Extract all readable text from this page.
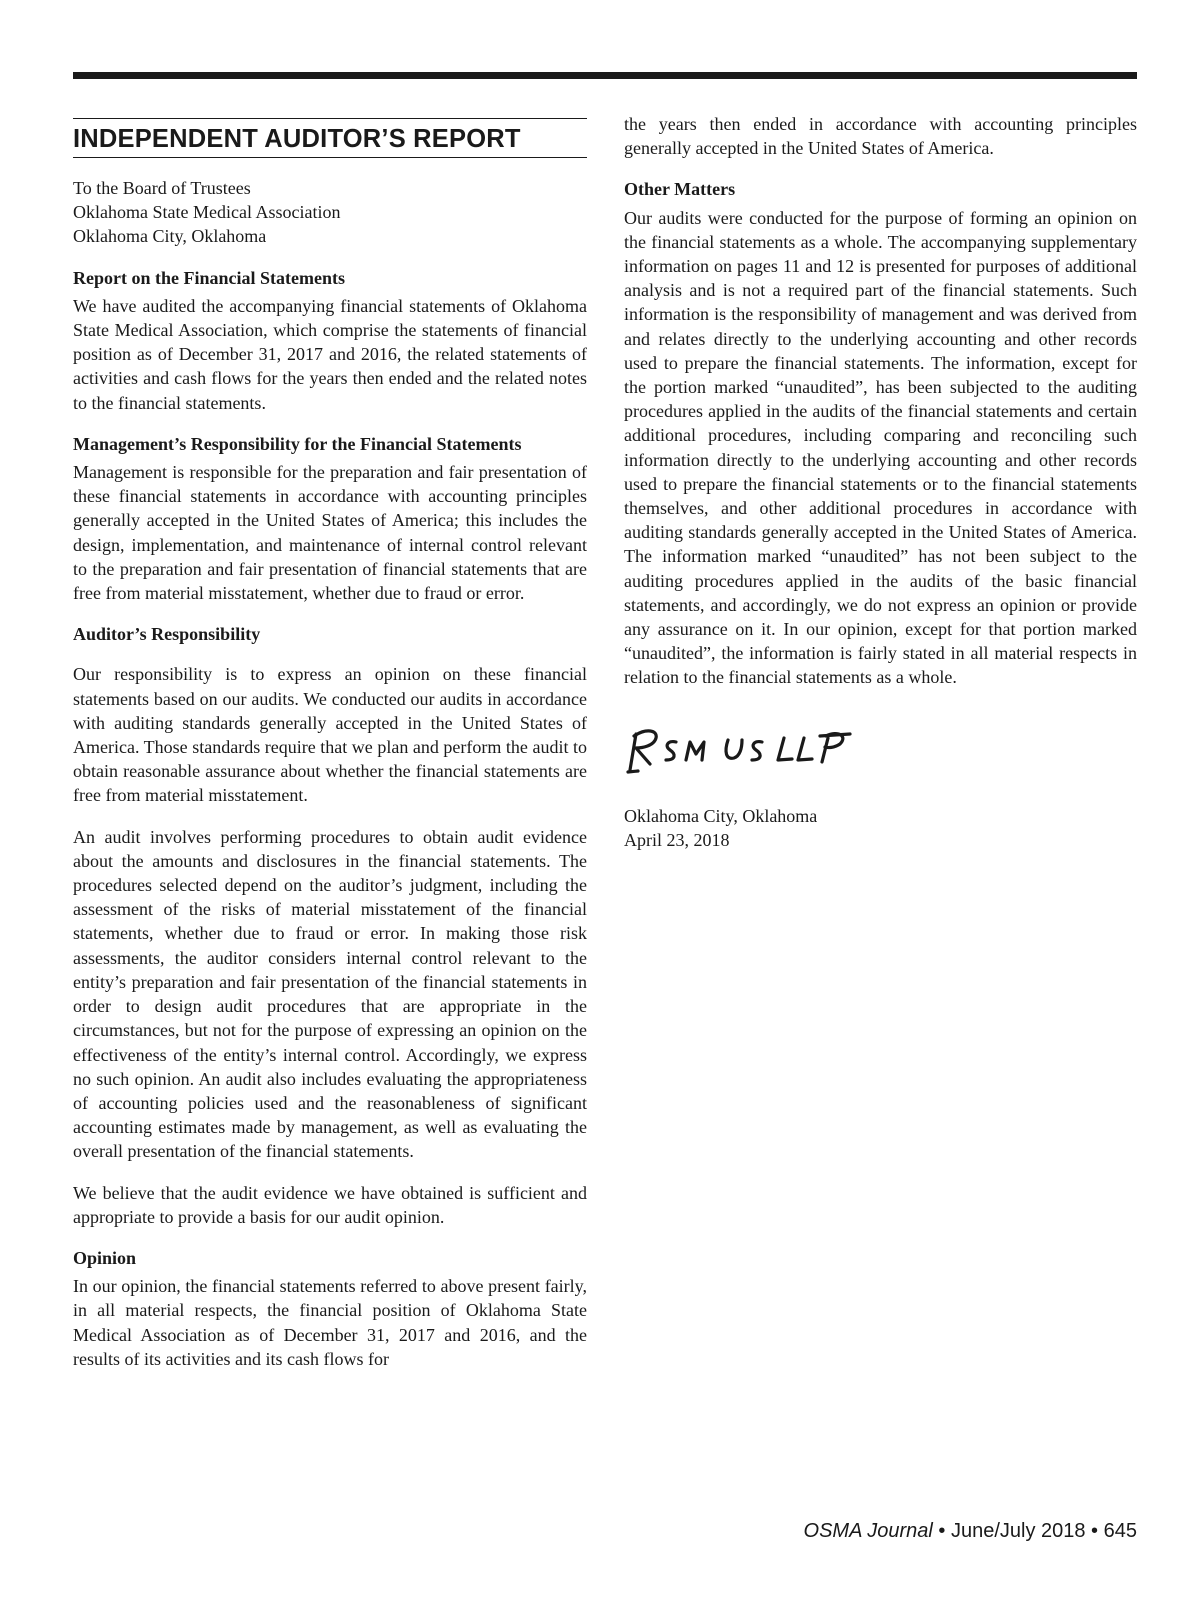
INDEPENDENT AUDITOR’S REPORT

To the Board of Trustees
Oklahoma State Medical Association
Oklahoma City, Oklahoma

Report on the Financial Statements

We have audited the accompanying financial statements of Oklahoma State Medical Association, which comprise the statements of financial position as of December 31, 2017 and 2016, the related statements of activities and cash flows for the years then ended and the related notes to the financial statements.

Management’s Responsibility for the Financial Statements

Management is responsible for the preparation and fair presentation of these financial statements in accordance with accounting principles generally accepted in the United States of America; this includes the design, implementation, and maintenance of internal control relevant to the preparation and fair presentation of financial statements that are free from material misstatement, whether due to fraud or error.

Auditor’s Responsibility

Our responsibility is to express an opinion on these financial statements based on our audits. We conducted our audits in accordance with auditing standards generally accepted in the United States of America. Those standards require that we plan and perform the audit to obtain reasonable assurance about whether the financial statements are free from material misstatement.

An audit involves performing procedures to obtain audit evidence about the amounts and disclosures in the financial statements. The procedures selected depend on the auditor’s judgment, including the assessment of the risks of material misstatement of the financial statements, whether due to fraud or error. In making those risk assessments, the auditor considers internal control relevant to the entity’s preparation and fair presentation of the financial statements in order to design audit procedures that are appropriate in the circumstances, but not for the purpose of expressing an opinion on the effectiveness of the entity’s internal control. Accordingly, we express no such opinion. An audit also includes evaluating the appropriateness of accounting policies used and the reasonableness of significant accounting estimates made by management, as well as evaluating the overall presentation of the financial statements.

We believe that the audit evidence we have obtained is sufficient and appropriate to provide a basis for our audit opinion.

Opinion

In our opinion, the financial statements referred to above present fairly, in all material respects, the financial position of Oklahoma State Medical Association as of December 31, 2017 and 2016, and the results of its activities and its cash flows for

the years then ended in accordance with accounting principles generally accepted in the United States of America.

Other Matters

Our audits were conducted for the purpose of forming an opinion on the financial statements as a whole. The accompanying supplementary information on pages 11 and 12 is presented for purposes of additional analysis and is not a required part of the financial statements. Such information is the responsibility of management and was derived from and relates directly to the underlying accounting and other records used to prepare the financial statements. The information, except for the portion marked “unaudited”, has been subjected to the auditing procedures applied in the audits of the financial statements and certain additional procedures, including comparing and reconciling such information directly to the underlying accounting and other records used to prepare the financial statements or to the financial statements themselves, and other additional procedures in accordance with auditing standards generally accepted in the United States of America. The information marked “unaudited” has not been subject to the auditing procedures applied in the audits of the basic financial statements, and accordingly, we do not express an opinion or provide any assurance on it. In our opinion, except for that portion marked “unaudited”, the information is fairly stated in all material respects in relation to the financial statements as a whole.

Oklahoma City, Oklahoma
April 23, 2018

OSMA Journal • June/July 2018 • 645
